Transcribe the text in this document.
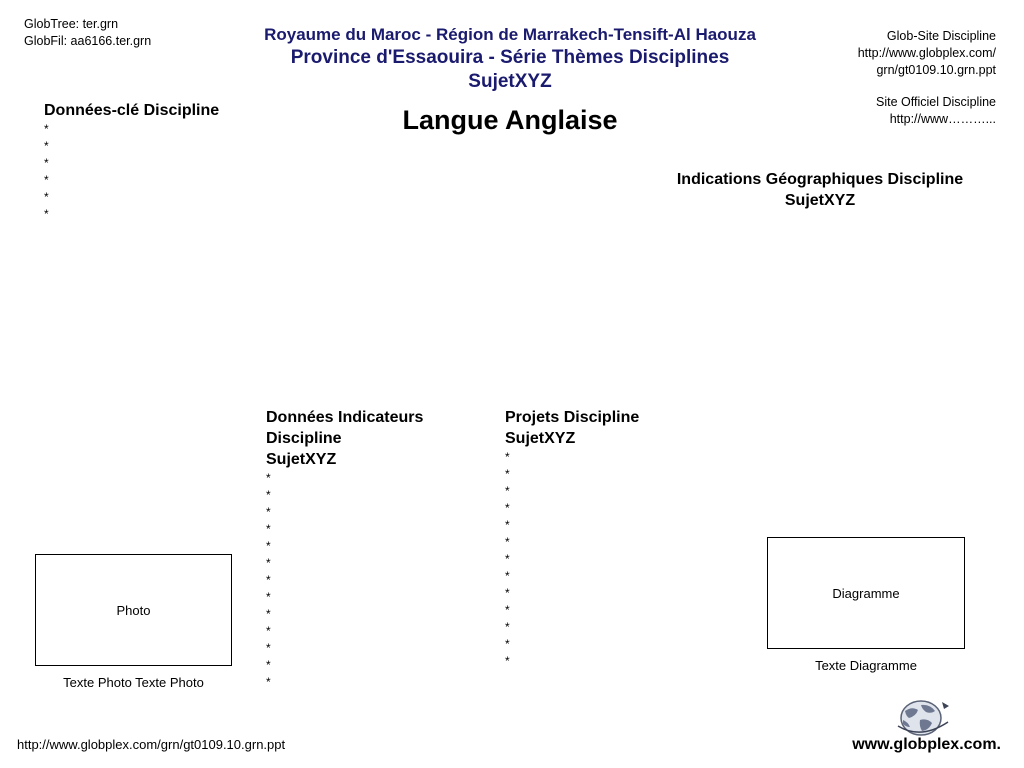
GlobTree: ter.grn
GlobFil: aa6166.ter.grn	Royaume du Maroc - Région de Marrakech-Tensift-Al Haouza
Province d'Essaouira - Série Thèmes Disciplines
SujetXYZ
Langue Anglaise
Glob-Site Discipline
http://www.globplex.com/
grn/gt0109.10.grn.ppt
Site Officiel Discipline
http://www………...
Indications Géographiques Discipline
SujetXYZ
Données-clé Discipline
*
*
*
*
*
*
Données Indicateurs
Discipline
SujetXYZ
*
*
*
*
*
*
*
*
*
*
*
*
*
Projets Discipline
SujetXYZ
*
*
*
*
*
*
*
*
*
*
*
*
*
Photo
Texte Photo Texte Photo
Diagramme
Texte Diagramme
http://www.globplex.com/grn/gt0109.10.grn.ppt	www.globplex.com.
